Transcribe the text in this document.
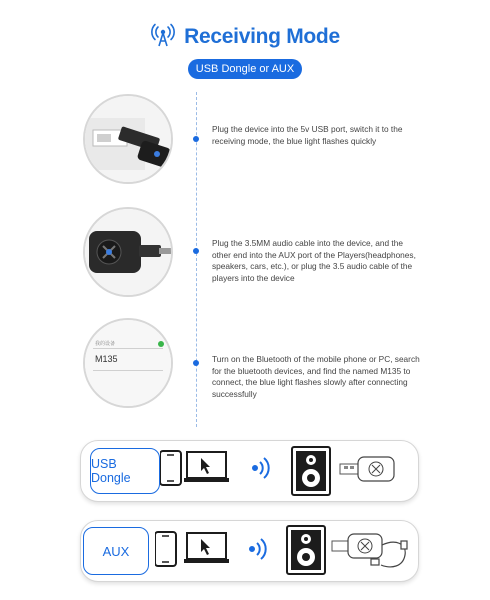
Receiving Mode
USB Dongle or AUX
Plug the device into the 5v USB port, switch it to the receiving mode, the blue light flashes quickly
Plug the 3.5MM audio cable into the device, and the other end into the AUX port of the Players(headphones, speakers, cars, etc.), or plug the 3.5 audio cable of the players into the device
我的设备
M135	Turn on the Bluetooth of the mobile phone or PC, search for the bluetooth devices, and find the named M135 to connect, the blue light flashes slowly after connecting successfully
USB Dongle
AUX
